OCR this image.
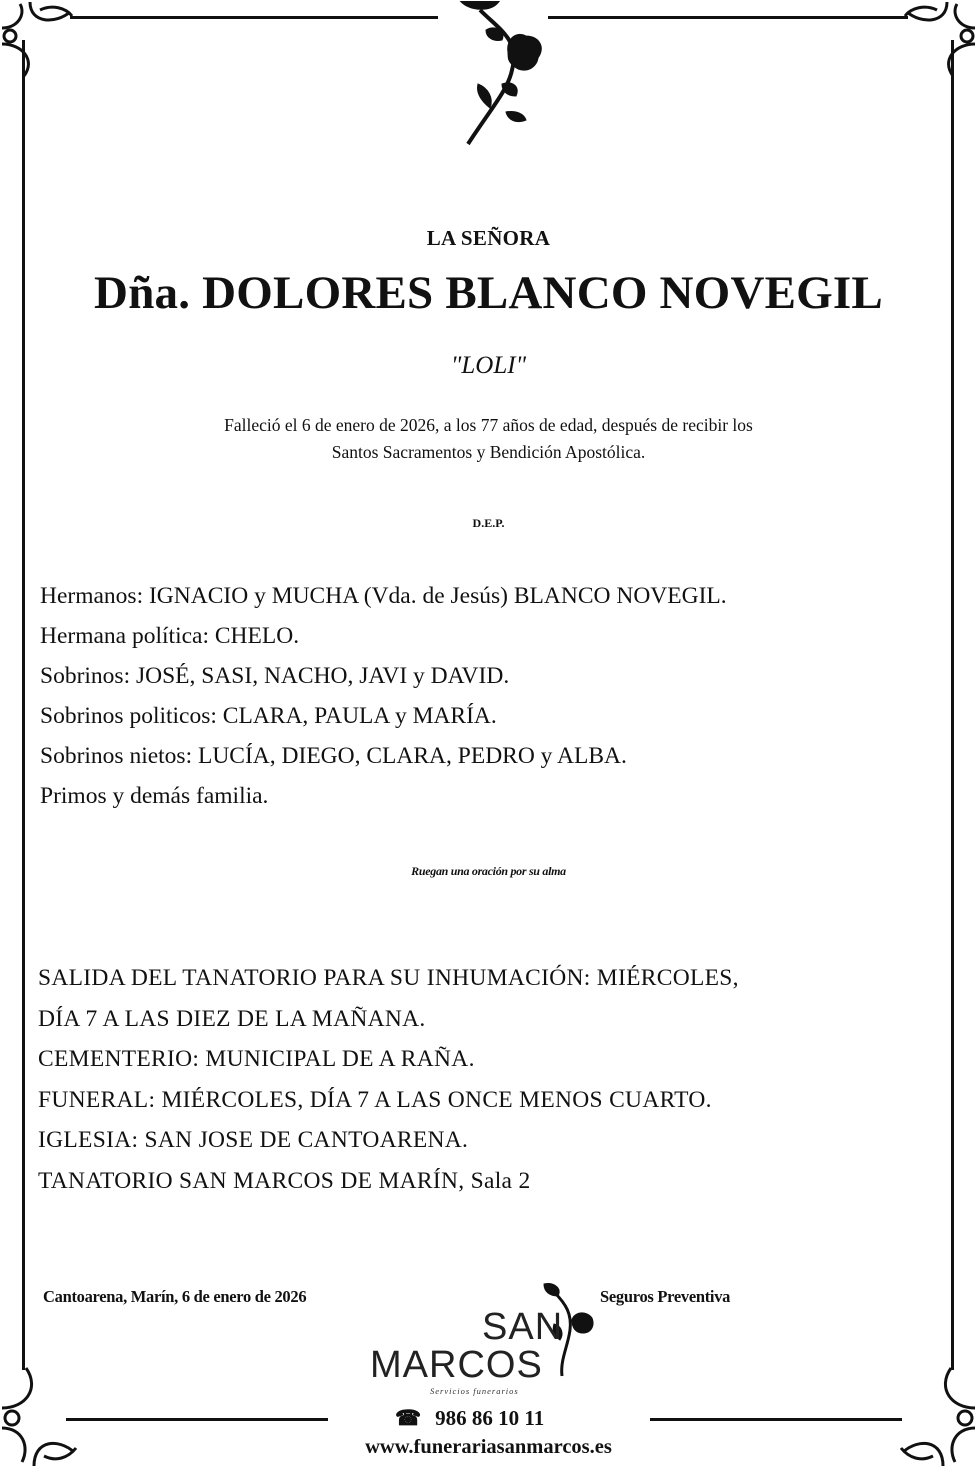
LA SEÑORA
Dña. DOLORES BLANCO NOVEGIL
"LOLI"
Falleció el 6 de enero de 2026, a los 77 años de edad, después de recibir los
Santos Sacramentos y Bendición Apostólica.
D.E.P.
Hermanos: IGNACIO y MUCHA (Vda. de Jesús) BLANCO NOVEGIL.
Hermana política: CHELO.
Sobrinos: JOSÉ, SASI, NACHO, JAVI y DAVID.
Sobrinos politicos: CLARA, PAULA y MARÍA.
Sobrinos nietos: LUCÍA, DIEGO, CLARA, PEDRO y ALBA.
Primos y demás familia.
Ruegan una oración por su alma
SALIDA DEL TANATORIO PARA SU INHUMACIÓN: MIÉRCOLES,
DÍA 7 A LAS DIEZ DE LA MAÑANA.
CEMENTERIO: MUNICIPAL DE A RAÑA.
FUNERAL: MIÉRCOLES, DÍA 7 A LAS ONCE MENOS CUARTO.
IGLESIA: SAN JOSE DE CANTOARENA.
TANATORIO SAN MARCOS DE MARÍN, Sala 2
Cantoarena, Marín, 6 de enero de 2026	Seguros Preventiva
SAN
MARCOS
Servicios funerarios
☎ 986 86 10 11
www.funerariasanmarcos.es
